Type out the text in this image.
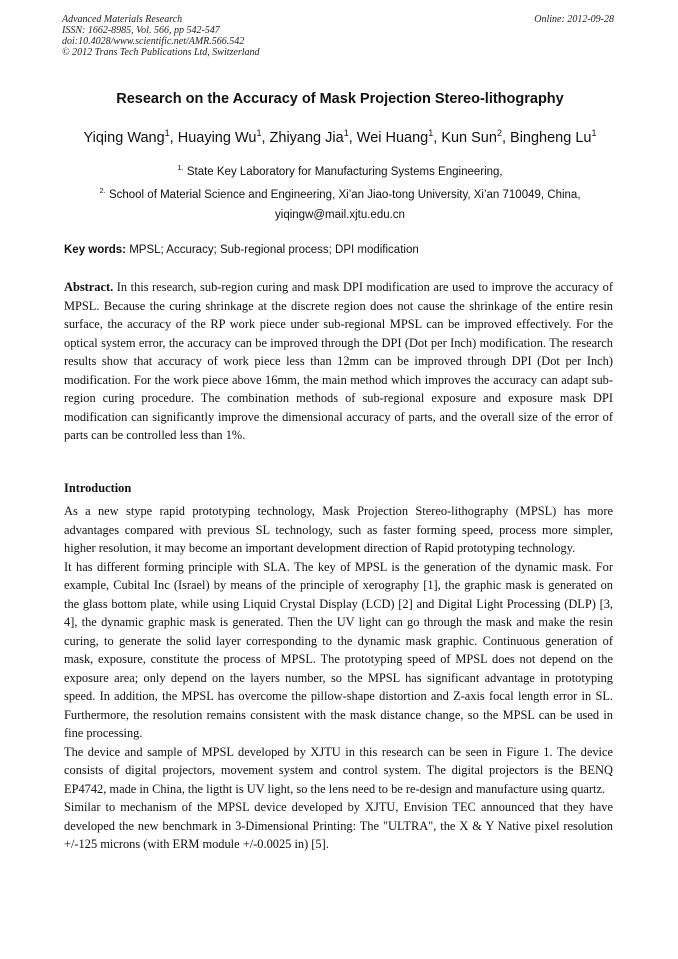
Advanced Materials Research
ISSN: 1662-8985, Vol. 566, pp 542-547
doi:10.4028/www.scientific.net/AMR.566.542
© 2012 Trans Tech Publications Ltd, Switzerland
Online: 2012-09-28
Research on the Accuracy of Mask Projection Stereo-lithography
Yiqing Wang$^1$, Huaying Wu$^1$, Zhiyang Jia$^1$, Wei Huang$^1$, Kun Sun$^2$, Bingheng Lu$^1$
$^{1.}$ State Key Laboratory for Manufacturing Systems Engineering,
$^{2.}$ School of Material Science and Engineering, Xi’an Jiao-tong University, Xi’an 710049, China,
yiqingw@mail.xjtu.edu.cn
Key words: MPSL; Accuracy; Sub-regional process; DPI modification

Abstract. In this research, sub-region curing and mask DPI modification are used to improve the accuracy of MPSL. Because the curing shrinkage at the discrete region does not cause the shrinkage of the entire resin surface, the accuracy of the RP work piece under sub-regional MPSL can be improved effectively. For the optical system error, the accuracy can be improved through the DPI (Dot per Inch) modification. The research results show that accuracy of work piece less than 12mm can be improved through DPI (Dot per Inch) modification. For the work piece above 16mm, the main method which improves the accuracy can adapt sub-region curing procedure. The combination methods of sub-regional exposure and exposure mask DPI modification can significantly improve the dimensional accuracy of parts, and the overall size of the error of parts can be controlled less than 1%.

Introduction

As a new stype rapid prototyping technology, Mask Projection Stereo-lithography (MPSL) has more advantages compared with previous SL technology, such as faster forming speed, process more simpler, higher resolution, it may become an important development direction of Rapid prototyping technology.

It has different forming principle with SLA. The key of MPSL is the generation of the dynamic mask. For example, Cubital Inc (Israel) by means of the principle of xerography [1], the graphic mask is generated on the glass bottom plate, while using Liquid Crystal Display (LCD) [2] and Digital Light Processing (DLP) [3, 4], the dynamic graphic mask is generated. Then the UV light can go through the mask and make the resin curing, to generate the solid layer corresponding to the dynamic mask graphic. Continuous generation of mask, exposure, constitute the process of MPSL. The prototyping speed of MPSL does not depend on the exposure area; only depend on the layers number, so the MPSL has significant advantage in prototyping speed. In addition, the MPSL has overcome the pillow-shape distortion and Z-axis focal length error in SL. Furthermore, the resolution remains consistent with the mask distance change, so the MPSL can be used in fine processing.

The device and sample of MPSL developed by XJTU in this research can be seen in Figure 1. The device consists of digital projectors, movement system and control system. The digital projectors is the BENQ EP4742, made in China, the ligtht is UV light, so the lens need to be re-design and manufacture using quartz.

Similar to mechanism of the MPSL device developed by XJTU, Envision TEC announced that they have developed the new benchmark in 3-Dimensional Printing: The "ULTRA", the X & Y Native pixel resolution +/-125 microns (with ERM module +/-0.0025 in) [5].
